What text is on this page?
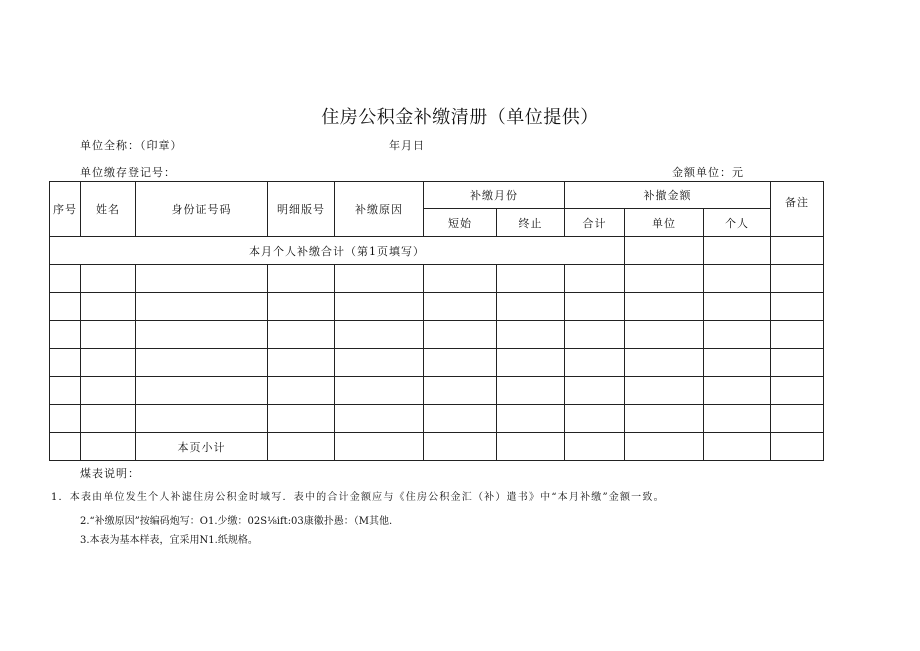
住房公积金补缴清册（单位提供）
单位全称：（印章）	年月日
单位缴存登记号：	金额单位：元
序号	姓名	身份证号码	明细版号	补缴原因	补缴月份		补撤金额			备注
					短始	终止	合计	单位	个人	
本月个人补缴合计（第1页填写）										

		本页小计								
煤表说明：
1．本表由单位发生个人补滤住房公积金时域写．表中的合计金额应与《住房公积金汇（补）遣书》中“本月补缴”金额一致。
2.“补缴原因”按编码炮写：O1.少缴：02S⅛ift:03康徽扑愚：（M其他.
3.本表为基本样表，宜采用N1.纸规格。
